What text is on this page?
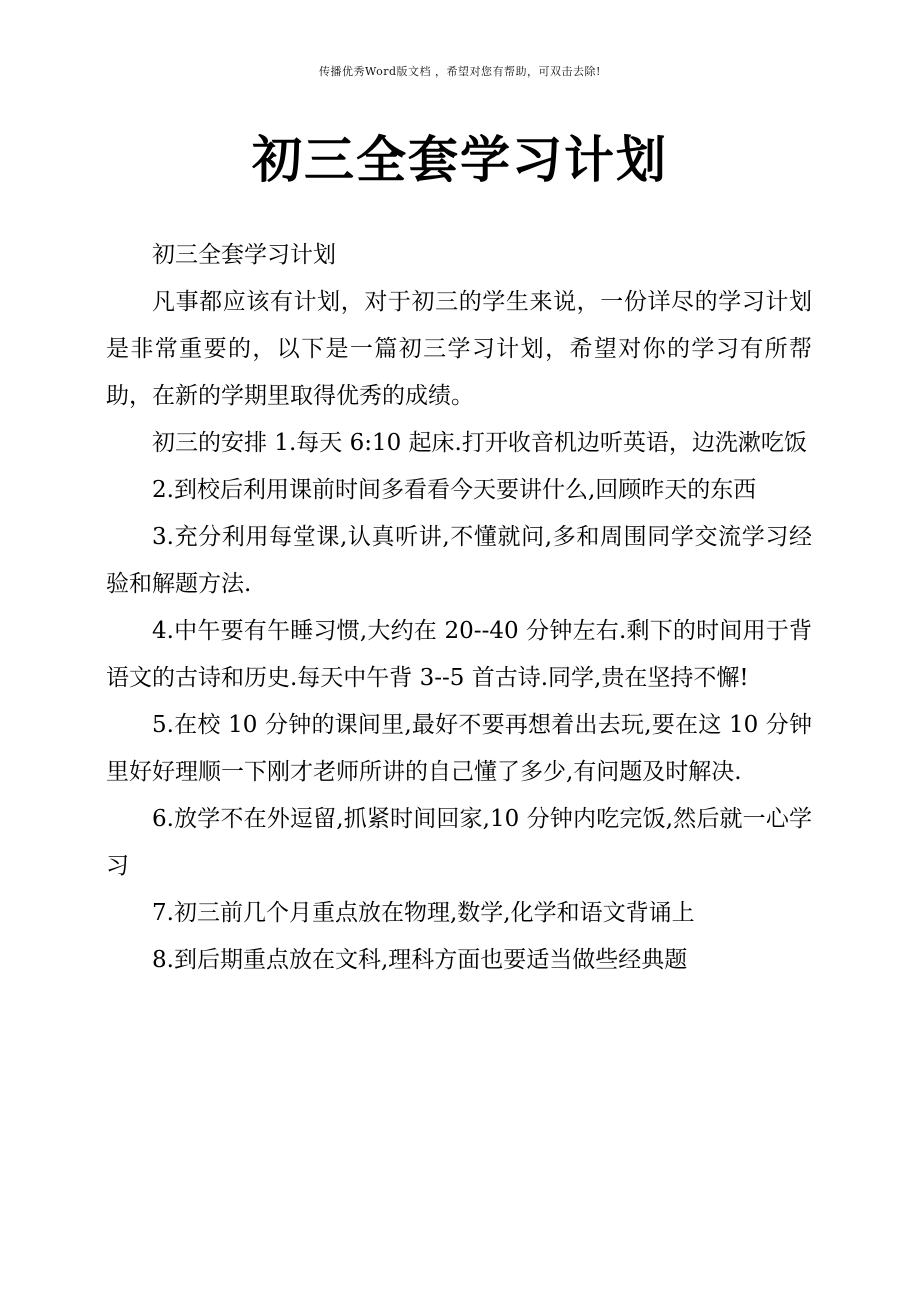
传播优秀Word版文档 ，希望对您有帮助，可双击去除!
初三全套学习计划

初三全套学习计划

凡事都应该有计划，对于初三的学生来说，一份详尽的学习计划是非常重要的，以下是一篇初三学习计划，希望对你的学习有所帮助，在新的学期里取得优秀的成绩。

初三的安排 1.每天 6:10 起床.打开收音机边听英语，边洗漱吃饭

2.到校后利用课前时间多看看今天要讲什么,回顾昨天的东西

3.充分利用每堂课,认真听讲,不懂就问,多和周围同学交流学习经验和解题方法.

4.中午要有午睡习惯,大约在 20--40 分钟左右.剩下的时间用于背语文的古诗和历史.每天中午背 3--5 首古诗.同学,贵在坚持不懈!

5.在校 10 分钟的课间里,最好不要再想着出去玩,要在这 10 分钟里好好理顺一下刚才老师所讲的自己懂了多少,有问题及时解决.

6.放学不在外逗留,抓紧时间回家,10 分钟内吃完饭,然后就一心学习

7.初三前几个月重点放在物理,数学,化学和语文背诵上

8.到后期重点放在文科,理科方面也要适当做些经典题
